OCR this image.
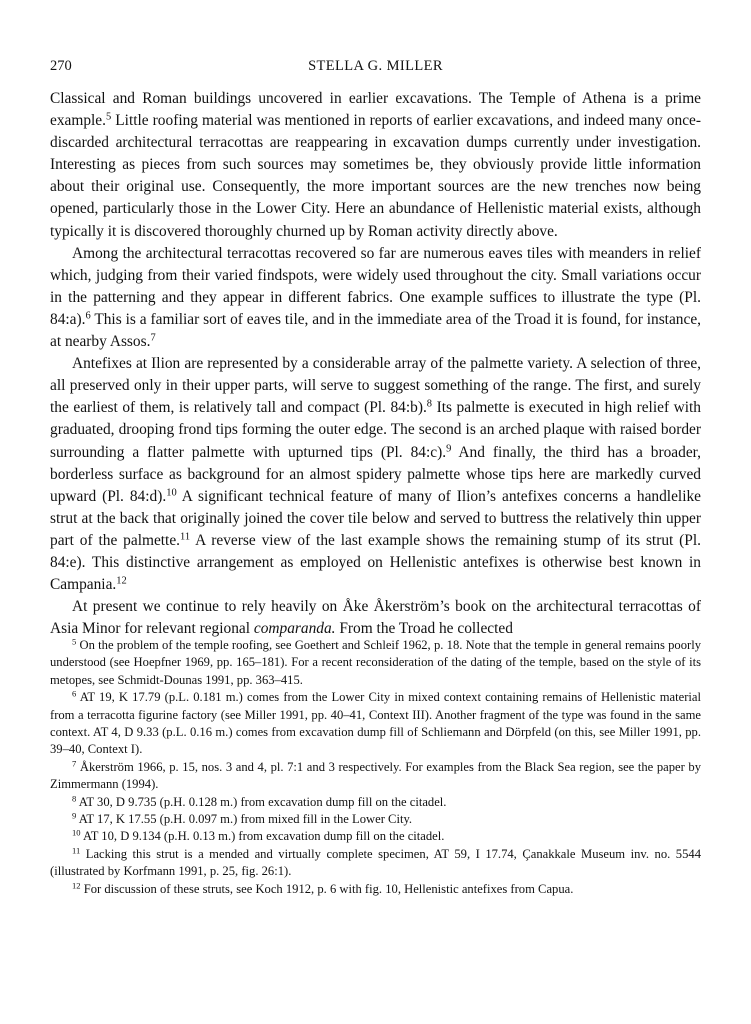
270	STELLA G. MILLER

Classical and Roman buildings uncovered in earlier excavations. The Temple of Athena is a prime example.$^5$ Little roofing material was mentioned in reports of earlier excavations, and indeed many once-discarded architectural terracottas are reappearing in excavation dumps currently under investigation. Interesting as pieces from such sources may sometimes be, they obviously provide little information about their original use. Consequently, the more important sources are the new trenches now being opened, particularly those in the Lower City. Here an abundance of Hellenistic material exists, although typically it is discovered thoroughly churned up by Roman activity directly above.

Among the architectural terracottas recovered so far are numerous eaves tiles with meanders in relief which, judging from their varied findspots, were widely used throughout the city. Small variations occur in the patterning and they appear in different fabrics. One example suffices to illustrate the type (Pl. 84:a).$^6$ This is a familiar sort of eaves tile, and in the immediate area of the Troad it is found, for instance, at nearby Assos.$^7$

Antefixes at Ilion are represented by a considerable array of the palmette variety. A selection of three, all preserved only in their upper parts, will serve to suggest something of the range. The first, and surely the earliest of them, is relatively tall and compact (Pl. 84:b).$^8$ Its palmette is executed in high relief with graduated, drooping frond tips forming the outer edge. The second is an arched plaque with raised border surrounding a flatter palmette with upturned tips (Pl. 84:c).$^9$ And finally, the third has a broader, borderless surface as background for an almost spidery palmette whose tips here are markedly curved upward (Pl. 84:d).$^{10}$ A significant technical feature of many of Ilion’s antefixes concerns a handlelike strut at the back that originally joined the cover tile below and served to buttress the relatively thin upper part of the palmette.$^{11}$ A reverse view of the last example shows the remaining stump of its strut (Pl. 84:e). This distinctive arrangement as employed on Hellenistic antefixes is otherwise best known in Campania.$^{12}$

At present we continue to rely heavily on Åke Åkerström’s book on the architectural terracottas of Asia Minor for relevant regional comparanda. From the Troad he collected

$^5$ On the problem of the temple roofing, see Goethert and Schleif 1962, p. 18. Note that the temple in general remains poorly understood (see Hoepfner 1969, pp. 165–181). For a recent reconsideration of the dating of the temple, based on the style of its metopes, see Schmidt-Dounas 1991, pp. 363–415.

$^6$ AT 19, K 17.79 (p.L. 0.181 m.) comes from the Lower City in mixed context containing remains of Hellenistic material from a terracotta figurine factory (see Miller 1991, pp. 40–41, Context III). Another fragment of the type was found in the same context. AT 4, D 9.33 (p.L. 0.16 m.) comes from excavation dump fill of Schliemann and Dörpfeld (on this, see Miller 1991, pp. 39–40, Context I).

$^7$ Åkerström 1966, p. 15, nos. 3 and 4, pl. 7:1 and 3 respectively. For examples from the Black Sea region, see the paper by Zimmermann (1994).

$^8$ AT 30, D 9.735 (p.H. 0.128 m.) from excavation dump fill on the citadel.

$^9$ AT 17, K 17.55 (p.H. 0.097 m.) from mixed fill in the Lower City.

$^{10}$ AT 10, D 9.134 (p.H. 0.13 m.) from excavation dump fill on the citadel.

$^{11}$ Lacking this strut is a mended and virtually complete specimen, AT 59, I 17.74, Çanakkale Museum inv. no. 5544 (illustrated by Korfmann 1991, p. 25, fig. 26:1).

$^{12}$ For discussion of these struts, see Koch 1912, p. 6 with fig. 10, Hellenistic antefixes from Capua.
